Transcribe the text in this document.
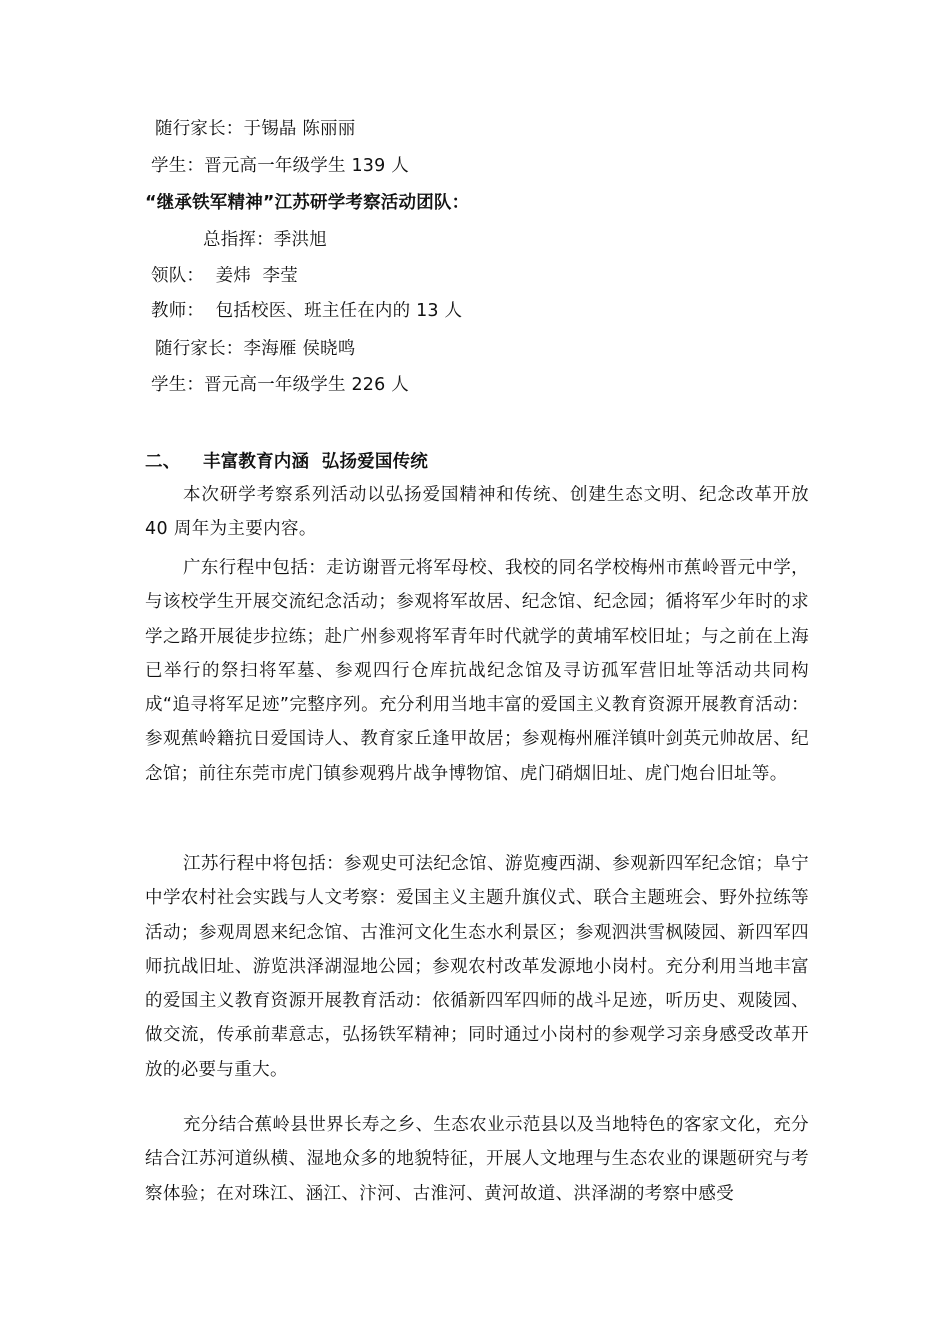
随行家长：于锡晶 陈丽丽
学生：晋元高一年级学生 139 人
“继承铁军精神”江苏研学考察活动团队：
总指挥：季洪旭
领队：  姜炜  李莹
教师：  包括校医、班主任在内的 13 人
随行家长：李海雁 侯晓鸣
学生：晋元高一年级学生 226 人
二、 丰富教育内涵  弘扬爱国传统
本次研学考察系列活动以弘扬爱国精神和传统、创建生态文明、纪念改革开放 40 周年为主要内容。
广东行程中包括：走访谢晋元将军母校、我校的同名学校梅州市蕉岭晋元中学，与该校学生开展交流纪念活动；参观将军故居、纪念馆、纪念园；循将军少年时的求学之路开展徒步拉练；赴广州参观将军青年时代就学的黄埔军校旧址；与之前在上海已举行的祭扫将军墓、参观四行仓库抗战纪念馆及寻访孤军营旧址等活动共同构成“追寻将军足迹”完整序列。充分利用当地丰富的爱国主义教育资源开展教育活动：参观蕉岭籍抗日爱国诗人、教育家丘逢甲故居；参观梅州雁洋镇叶剑英元帅故居、纪念馆；前往东莞市虎门镇参观鸦片战争博物馆、虎门硝烟旧址、虎门炮台旧址等。
江苏行程中将包括：参观史可法纪念馆、游览瘦西湖、参观新四军纪念馆；阜宁中学农村社会实践与人文考察：爱国主义主题升旗仪式、联合主题班会、野外拉练等活动；参观周恩来纪念馆、古淮河文化生态水利景区；参观泗洪雪枫陵园、新四军四师抗战旧址、游览洪泽湖湿地公园；参观农村改革发源地小岗村。充分利用当地丰富的爱国主义教育资源开展教育活动：依循新四军四师的战斗足迹，听历史、观陵园、做交流，传承前辈意志，弘扬铁军精神；同时通过小岗村的参观学习亲身感受改革开放的必要与重大。
充分结合蕉岭县世界长寿之乡、生态农业示范县以及当地特色的客家文化，充分结合江苏河道纵横、湿地众多的地貌特征，开展人文地理与生态农业的课题研究与考察体验；在对珠江、涵江、汴河、古淮河、黄河故道、洪泽湖的考察中感受
